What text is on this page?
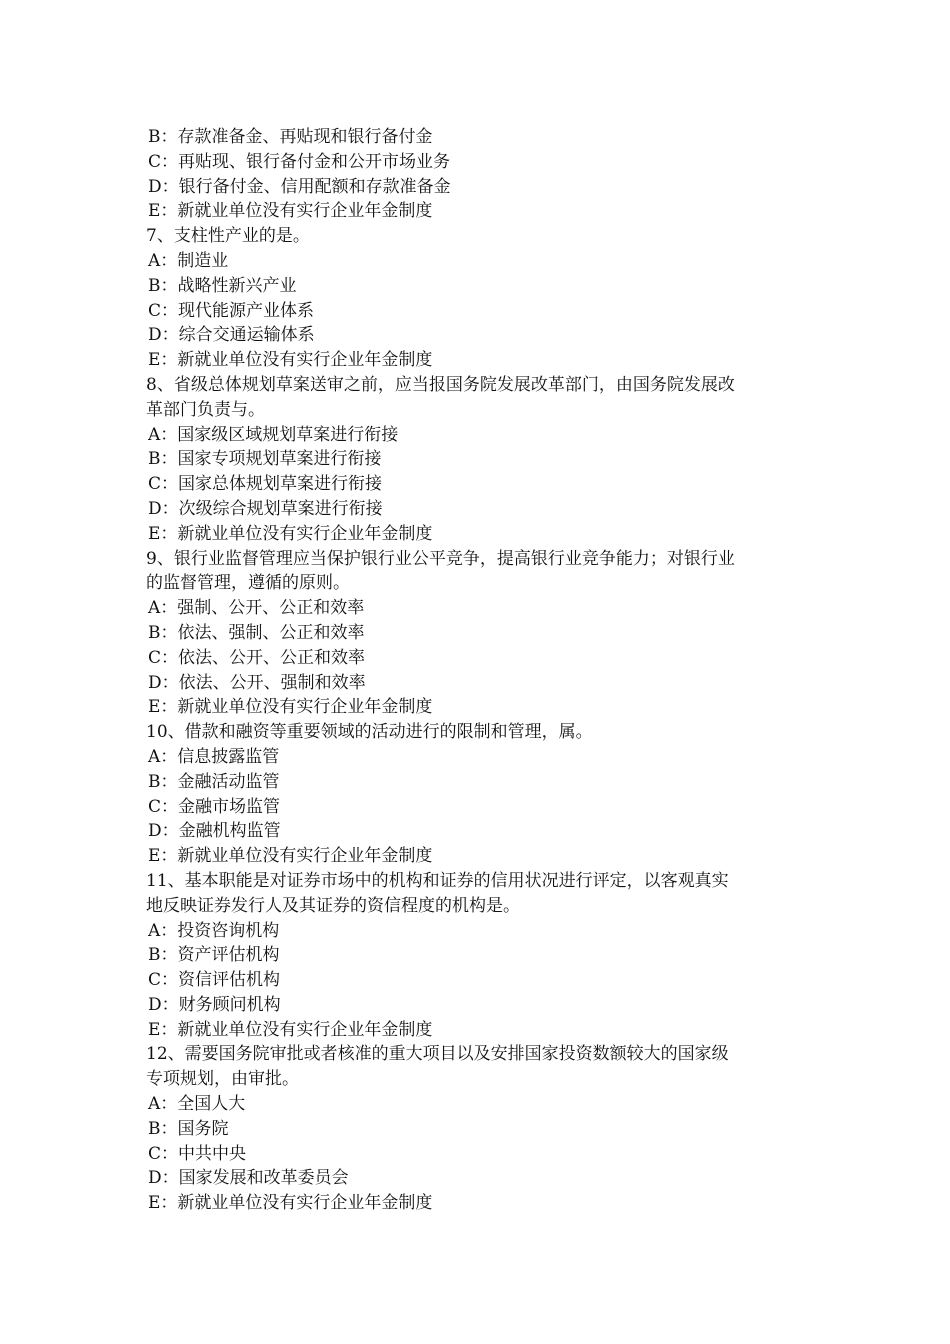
B：存款准备金、再贴现和银行备付金
C：再贴现、银行备付金和公开市场业务
D：银行备付金、信用配额和存款准备金
E：新就业单位没有实行企业年金制度
7、支柱性产业的是。
A：制造业
B：战略性新兴产业
C：现代能源产业体系
D：综合交通运输体系
E：新就业单位没有实行企业年金制度
8、省级总体规划草案送审之前，应当报国务院发展改革部门，由国务院发展改
革部门负责与。
A：国家级区域规划草案进行衔接
B：国家专项规划草案进行衔接
C：国家总体规划草案进行衔接
D：次级综合规划草案进行衔接
E：新就业单位没有实行企业年金制度
9、银行业监督管理应当保护银行业公平竞争，提高银行业竞争能力；对银行业
的监督管理，遵循的原则。
A：强制、公开、公正和效率
B：依法、强制、公正和效率
C：依法、公开、公正和效率
D：依法、公开、强制和效率
E：新就业单位没有实行企业年金制度
10、借款和融资等重要领域的活动进行的限制和管理，属。
A：信息披露监管
B：金融活动监管
C：金融市场监管
D：金融机构监管
E：新就业单位没有实行企业年金制度
11、基本职能是对证券市场中的机构和证券的信用状况进行评定，以客观真实
地反映证券发行人及其证券的资信程度的机构是。
A：投资咨询机构
B：资产评估机构
C：资信评估机构
D：财务顾问机构
E：新就业单位没有实行企业年金制度
12、需要国务院审批或者核准的重大项目以及安排国家投资数额较大的国家级
专项规划，由审批。
A：全国人大
B：国务院
C：中共中央
D：国家发展和改革委员会
E：新就业单位没有实行企业年金制度
